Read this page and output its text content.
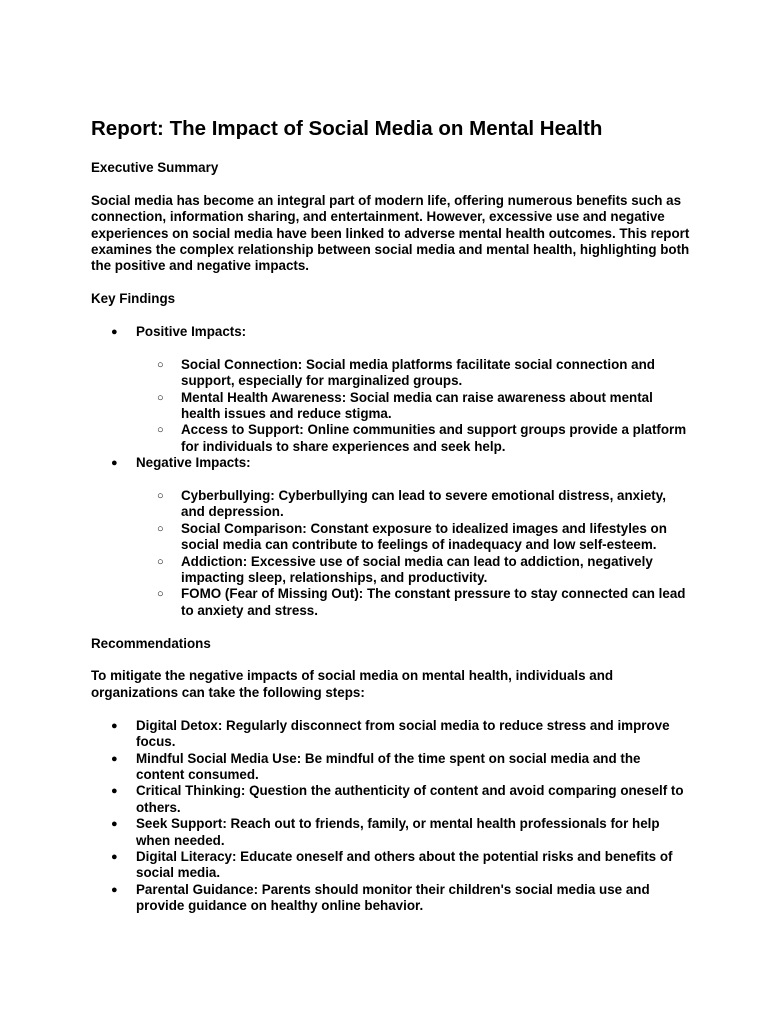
Report: The Impact of Social Media on Mental Health

Executive Summary

Social media has become an integral part of modern life, offering numerous benefits such as connection, information sharing, and entertainment. However, excessive use and negative experiences on social media have been linked to adverse mental health outcomes. This report examines the complex relationship between social media and mental health, highlighting both the positive and negative impacts.

Key Findings

● Positive Impacts:
○ Social Connection: Social media platforms facilitate social connection and support, especially for marginalized groups.
○ Mental Health Awareness: Social media can raise awareness about mental health issues and reduce stigma.
○ Access to Support: Online communities and support groups provide a platform for individuals to share experiences and seek help.
● Negative Impacts:
○ Cyberbullying: Cyberbullying can lead to severe emotional distress, anxiety, and depression.
○ Social Comparison: Constant exposure to idealized images and lifestyles on social media can contribute to feelings of inadequacy and low self-esteem.
○ Addiction: Excessive use of social media can lead to addiction, negatively impacting sleep, relationships, and productivity.
○ FOMO (Fear of Missing Out): The constant pressure to stay connected can lead to anxiety and stress.

Recommendations

To mitigate the negative impacts of social media on mental health, individuals and organizations can take the following steps:

● Digital Detox: Regularly disconnect from social media to reduce stress and improve focus.
● Mindful Social Media Use: Be mindful of the time spent on social media and the content consumed.
● Critical Thinking: Question the authenticity of content and avoid comparing oneself to others.
● Seek Support: Reach out to friends, family, or mental health professionals for help when needed.
● Digital Literacy: Educate oneself and others about the potential risks and benefits of social media.
● Parental Guidance: Parents should monitor their children's social media use and provide guidance on healthy online behavior.
